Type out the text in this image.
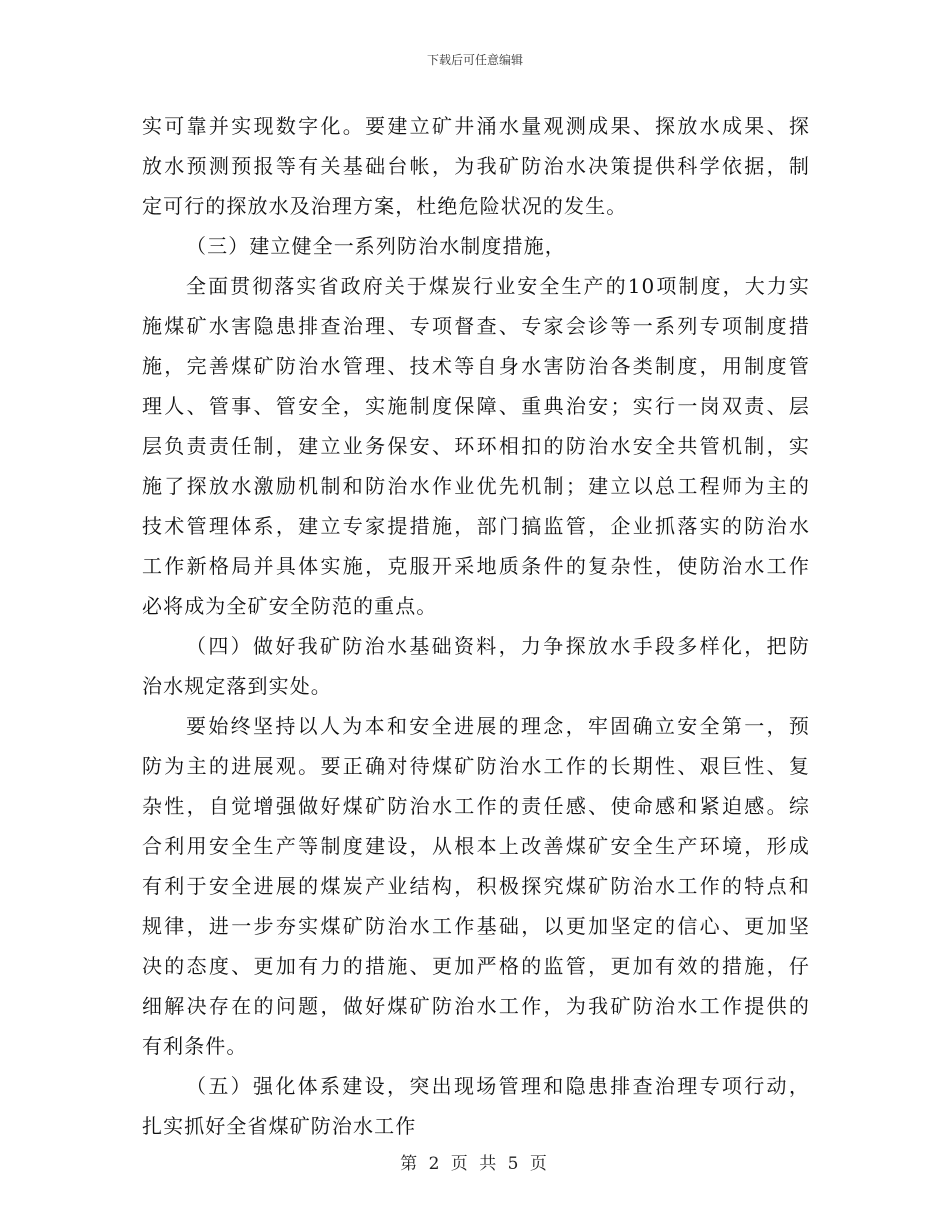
下载后可任意编辑
实可靠并实现数字化。要建立矿井涌水量观测成果、探放水成果、探
放水预测预报等有关基础台帐，为我矿防治水决策提供科学依据，制
定可行的探放水及治理方案，杜绝危险状况的发生。
（三）建立健全一系列防治水制度措施，
全面贯彻落实省政府关于煤炭行业安全生产的10项制度，大力实
施煤矿水害隐患排查治理、专项督查、专家会诊等一系列专项制度措
施，完善煤矿防治水管理、技术等自身水害防治各类制度，用制度管
理人、管事、管安全，实施制度保障、重典治安；实行一岗双责、层
层负责责任制，建立业务保安、环环相扣的防治水安全共管机制，实
施了探放水激励机制和防治水作业优先机制；建立以总工程师为主的
技术管理体系，建立专家提措施，部门搞监管，企业抓落实的防治水
工作新格局并具体实施，克服开采地质条件的复杂性，使防治水工作
必将成为全矿安全防范的重点。
（四）做好我矿防治水基础资料，力争探放水手段多样化，把防
治水规定落到实处。
要始终坚持以人为本和安全进展的理念，牢固确立安全第一，预
防为主的进展观。要正确对待煤矿防治水工作的长期性、艰巨性、复
杂性，自觉增强做好煤矿防治水工作的责任感、使命感和紧迫感。综
合利用安全生产等制度建设，从根本上改善煤矿安全生产环境，形成
有利于安全进展的煤炭产业结构，积极探究煤矿防治水工作的特点和
规律，进一步夯实煤矿防治水工作基础，以更加坚定的信心、更加坚
决的态度、更加有力的措施、更加严格的监管，更加有效的措施，仔
细解决存在的问题，做好煤矿防治水工作，为我矿防治水工作提供的
有利条件。
（五）强化体系建设，突出现场管理和隐患排查治理专项行动，
扎实抓好全省煤矿防治水工作
第 2 页 共 5 页
